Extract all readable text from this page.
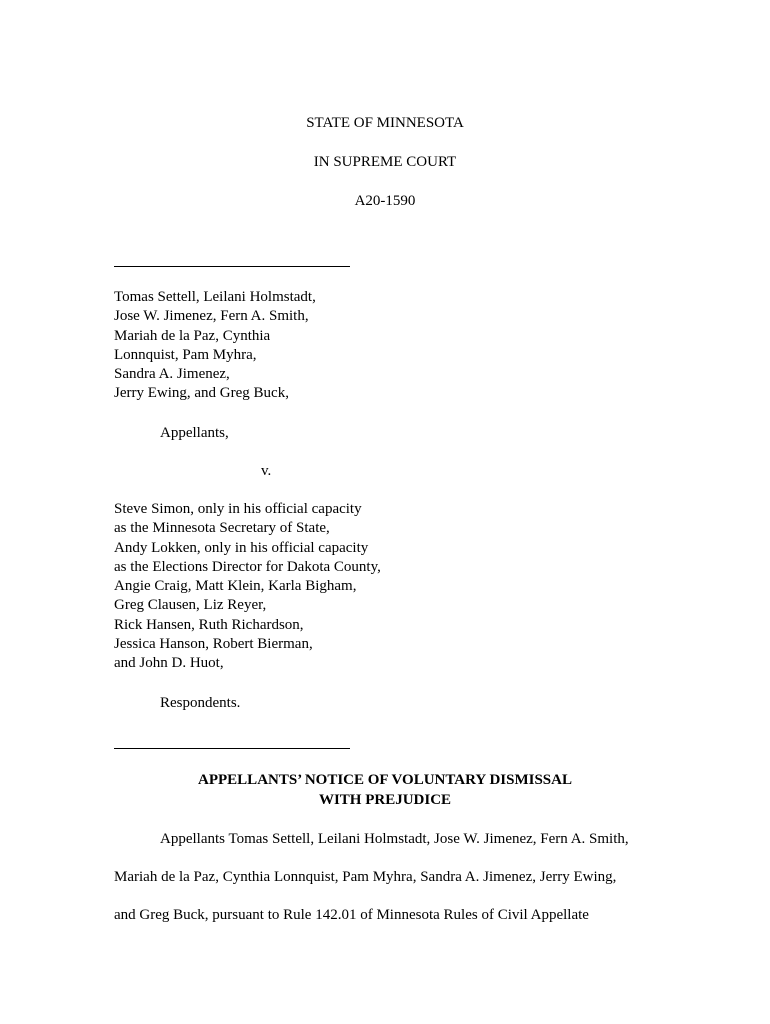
STATE OF MINNESOTA
IN SUPREME COURT
A20-1590
Tomas Settell, Leilani Holmstadt,
Jose W. Jimenez, Fern A. Smith,
Mariah de la Paz, Cynthia
Lonnquist, Pam Myhra,
Sandra A. Jimenez,
Jerry Ewing, and Greg Buck,
Appellants,
v.
Steve Simon, only in his official capacity
as the Minnesota Secretary of State,
Andy Lokken, only in his official capacity
as the Elections Director for Dakota County,
Angie Craig, Matt Klein, Karla Bigham,
Greg Clausen, Liz Reyer,
Rick Hansen, Ruth Richardson,
Jessica Hanson, Robert Bierman,
and John D. Huot,
Respondents.
APPELLANTS’ NOTICE OF VOLUNTARY DISMISSAL
WITH PREJUDICE
Appellants Tomas Settell, Leilani Holmstadt, Jose W. Jimenez, Fern A. Smith,
Mariah de la Paz, Cynthia Lonnquist, Pam Myhra, Sandra A. Jimenez, Jerry Ewing,
and Greg Buck, pursuant to Rule 142.01 of Minnesota Rules of Civil Appellate
